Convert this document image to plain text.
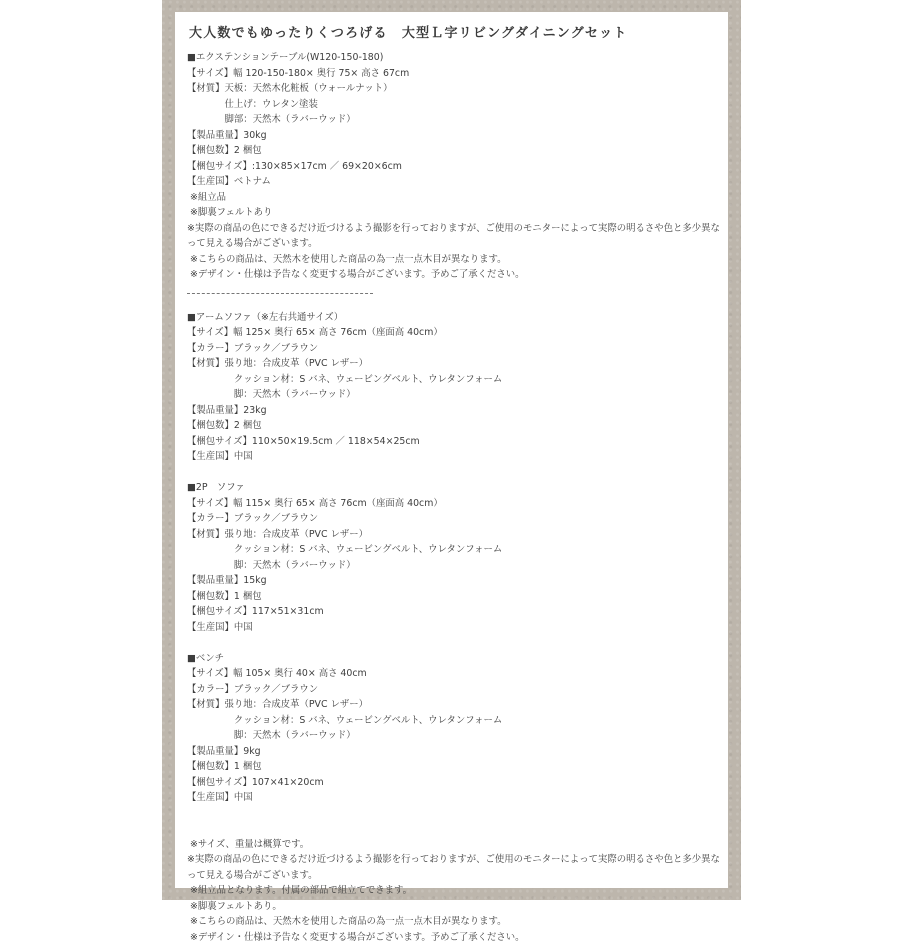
大人数でもゆったりくつろげる　大型Ｌ字リビングダイニングセット
■エクステンションテーブル(W120-150-180)
【サイズ】幅 120-150-180× 奥行 75× 高さ 67cm
【材質】天板：天然木化粧板（ウォールナット）
　　　　仕上げ：ウレタン塗装
　　　　脚部：天然木（ラバーウッド）
【製品重量】30kg
【梱包数】2 梱包
【梱包サイズ】:130×85×17cm ／ 69×20×6cm
【生産国】ベトナム
※組立品
※脚裏フェルトあり
※実際の商品の色にできるだけ近づけるよう撮影を行っておりますが、ご使用のモニターによって実際の明るさや色と多少異なって見える場合がございます。
※こちらの商品は、天然木を使用した商品の為一点一点木目が異なります。
※デザイン・仕様は予告なく変更する場合がございます。予めご了承ください。
■アームソファ（※左右共通サイズ）
【サイズ】幅 125× 奥行 65× 高さ 76cm（座面高 40cm）
【カラー】ブラック／ブラウン
【材質】張り地：合成皮革（PVC レザー）
　　　　　クッション材：S バネ、ウェービングベルト、ウレタンフォーム
　　　　　脚：天然木（ラバーウッド）
【製品重量】23kg
【梱包数】2 梱包
【梱包サイズ】110×50×19.5cm ／ 118×54×25cm
【生産国】中国
■2P　ソファ
【サイズ】幅 115× 奥行 65× 高さ 76cm（座面高 40cm）
【カラー】ブラック／ブラウン
【材質】張り地：合成皮革（PVC レザー）
　　　　　クッション材：S バネ、ウェービングベルト、ウレタンフォーム
　　　　　脚：天然木（ラバーウッド）
【製品重量】15kg
【梱包数】1 梱包
【梱包サイズ】117×51×31cm
【生産国】中国
■ベンチ
【サイズ】幅 105× 奥行 40× 高さ 40cm
【カラー】ブラック／ブラウン
【材質】張り地：合成皮革（PVC レザー）
　　　　　クッション材：S バネ、ウェービングベルト、ウレタンフォーム
　　　　　脚：天然木（ラバーウッド）
【製品重量】9kg
【梱包数】1 梱包
【梱包サイズ】107×41×20cm
【生産国】中国
※サイズ、重量は概算です。
※実際の商品の色にできるだけ近づけるよう撮影を行っておりますが、ご使用のモニターによって実際の明るさや色と多少異なって見える場合がございます。
※組立品となります。付属の部品で組立てできます。
※脚裏フェルトあり。
※こちらの商品は、天然木を使用した商品の為一点一点木目が異なります。
※デザイン・仕様は予告なく変更する場合がございます。予めご了承ください。
